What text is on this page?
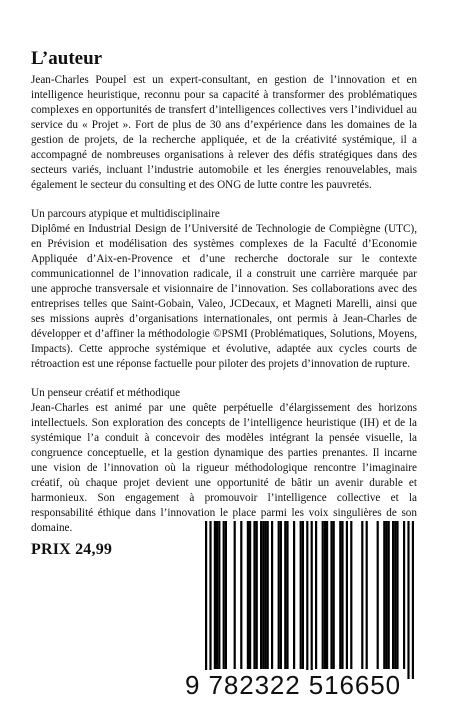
L’auteur

Jean-Charles Poupel est un expert-consultant, en gestion de l’innovation et en intelligence heuristique, reconnu pour sa capacité à transformer des problématiques complexes en opportunités de transfert d’intelligences collectives vers l’individuel au service du « Projet ». Fort de plus de 30 ans d’expérience dans les domaines de la gestion de projets, de la recherche appliquée, et de la créativité systémique, il a accompagné de nombreuses organisations à relever des défis stratégiques dans des secteurs variés, incluant l’industrie automobile et les énergies renouvelables, mais également le secteur du consulting et des ONG de lutte contre les pauvretés.

Un parcours atypique et multidisciplinaire

Diplômé en Industrial Design de l’Université de Technologie de Compiègne (UTC), en Prévision et modélisation des systèmes complexes de la Faculté d’Economie Appliquée d’Aix-en-Provence et d’une recherche doctorale sur le contexte communicationnel de l’innovation radicale, il a construit une carrière marquée par une approche transversale et visionnaire de l’innovation. Ses collaborations avec des entreprises telles que Saint-Gobain, Valeo, JCDecaux, et Magneti Marelli, ainsi que ses missions auprès d’organisations internationales, ont permis à Jean-Charles de développer et d’affiner la méthodologie ©PSMI (Problématiques, Solutions, Moyens, Impacts). Cette approche systémique et évolutive, adaptée aux cycles courts de rétroaction est une réponse factuelle pour piloter des projets d’innovation de rupture.

Un penseur créatif et méthodique

Jean-Charles est animé par une quête perpétuelle d’élargissement des horizons intellectuels. Son exploration des concepts de l’intelligence heuristique (IH) et de la systémique l’a conduit à concevoir des modèles intégrant la pensée visuelle, la congruence conceptuelle, et la gestion dynamique des parties prenantes. Il incarne une vision de l’innovation où la rigueur méthodologique rencontre l’imaginaire créatif, où chaque projet devient une opportunité de bâtir un avenir durable et harmonieux. Son engagement à promouvoir l’intelligence collective et la responsabilité éthique dans l’innovation le place parmi les voix singulières de son domaine.

PRIX 24,99
9 782322 516650
